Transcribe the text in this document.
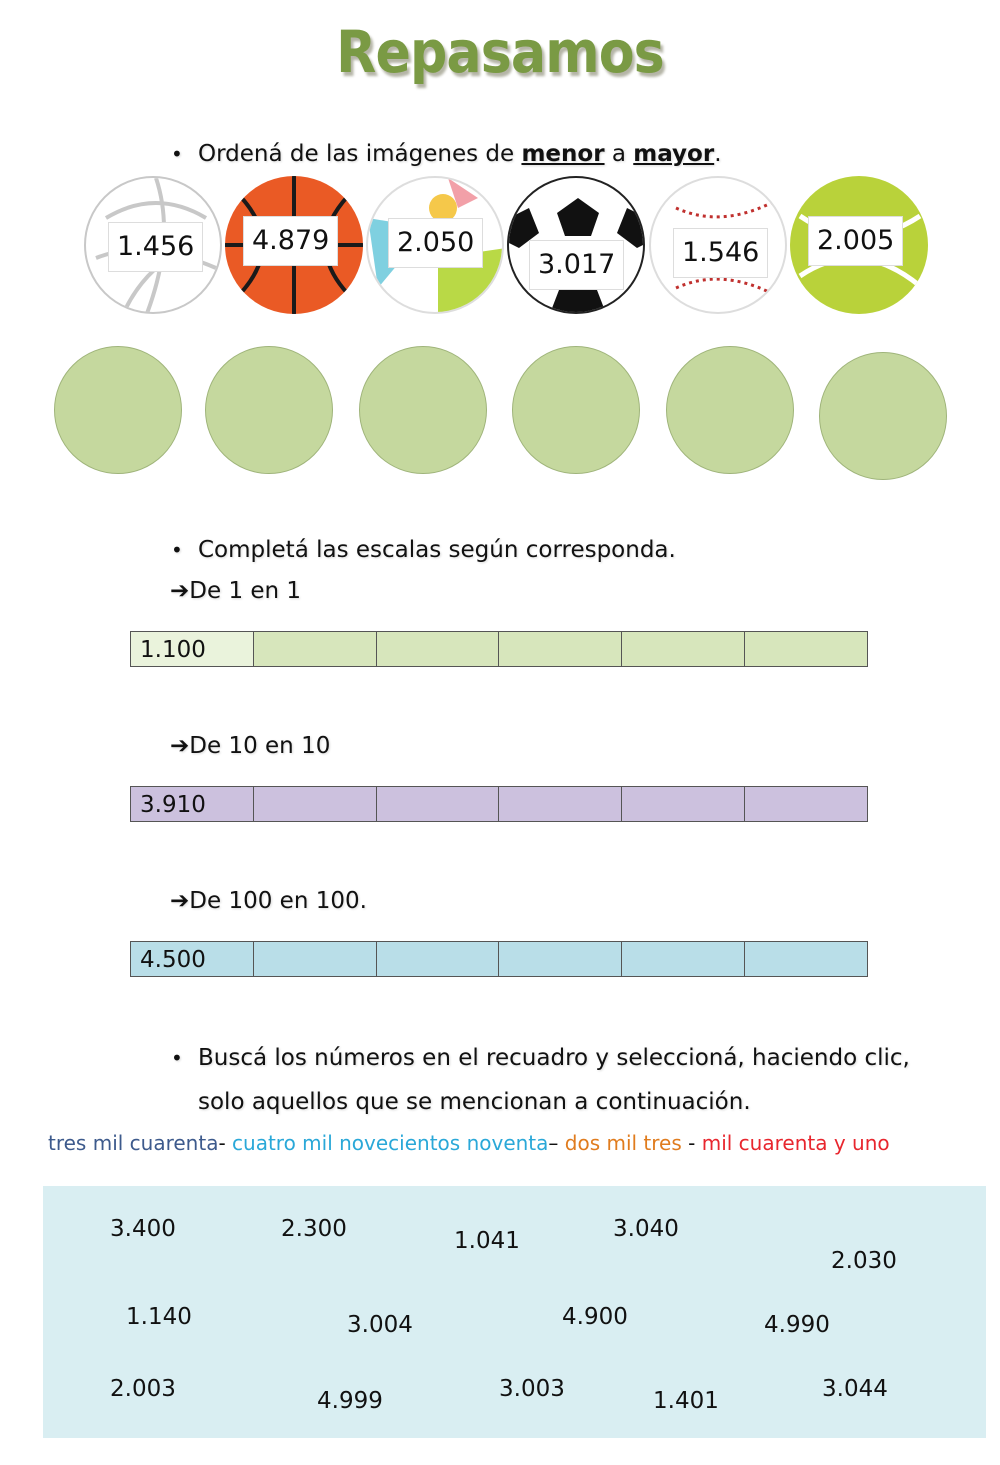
Repasamos
• Ordená de las imágenes de menor a mayor.
1.456	4.879	2.050
3.017	1.546	2.005
• Completá las escalas según corresponda.
➔De 1 en 1
1.100
➔De 10 en 10
3.910
➔De 100 en 100.
4.500
• Buscá los números en el recuadro y seleccioná, haciendo clic,
solo aquellos que se mencionan a continuación.
tres mil cuarenta- cuatro mil novecientos noventa– dos mil tres - mil cuarenta y uno
3.400	2.300	1.041	3.040
2.030
1.140	3.004	4.900	4.990
2.003	4.999	3.003	1.401	3.044
